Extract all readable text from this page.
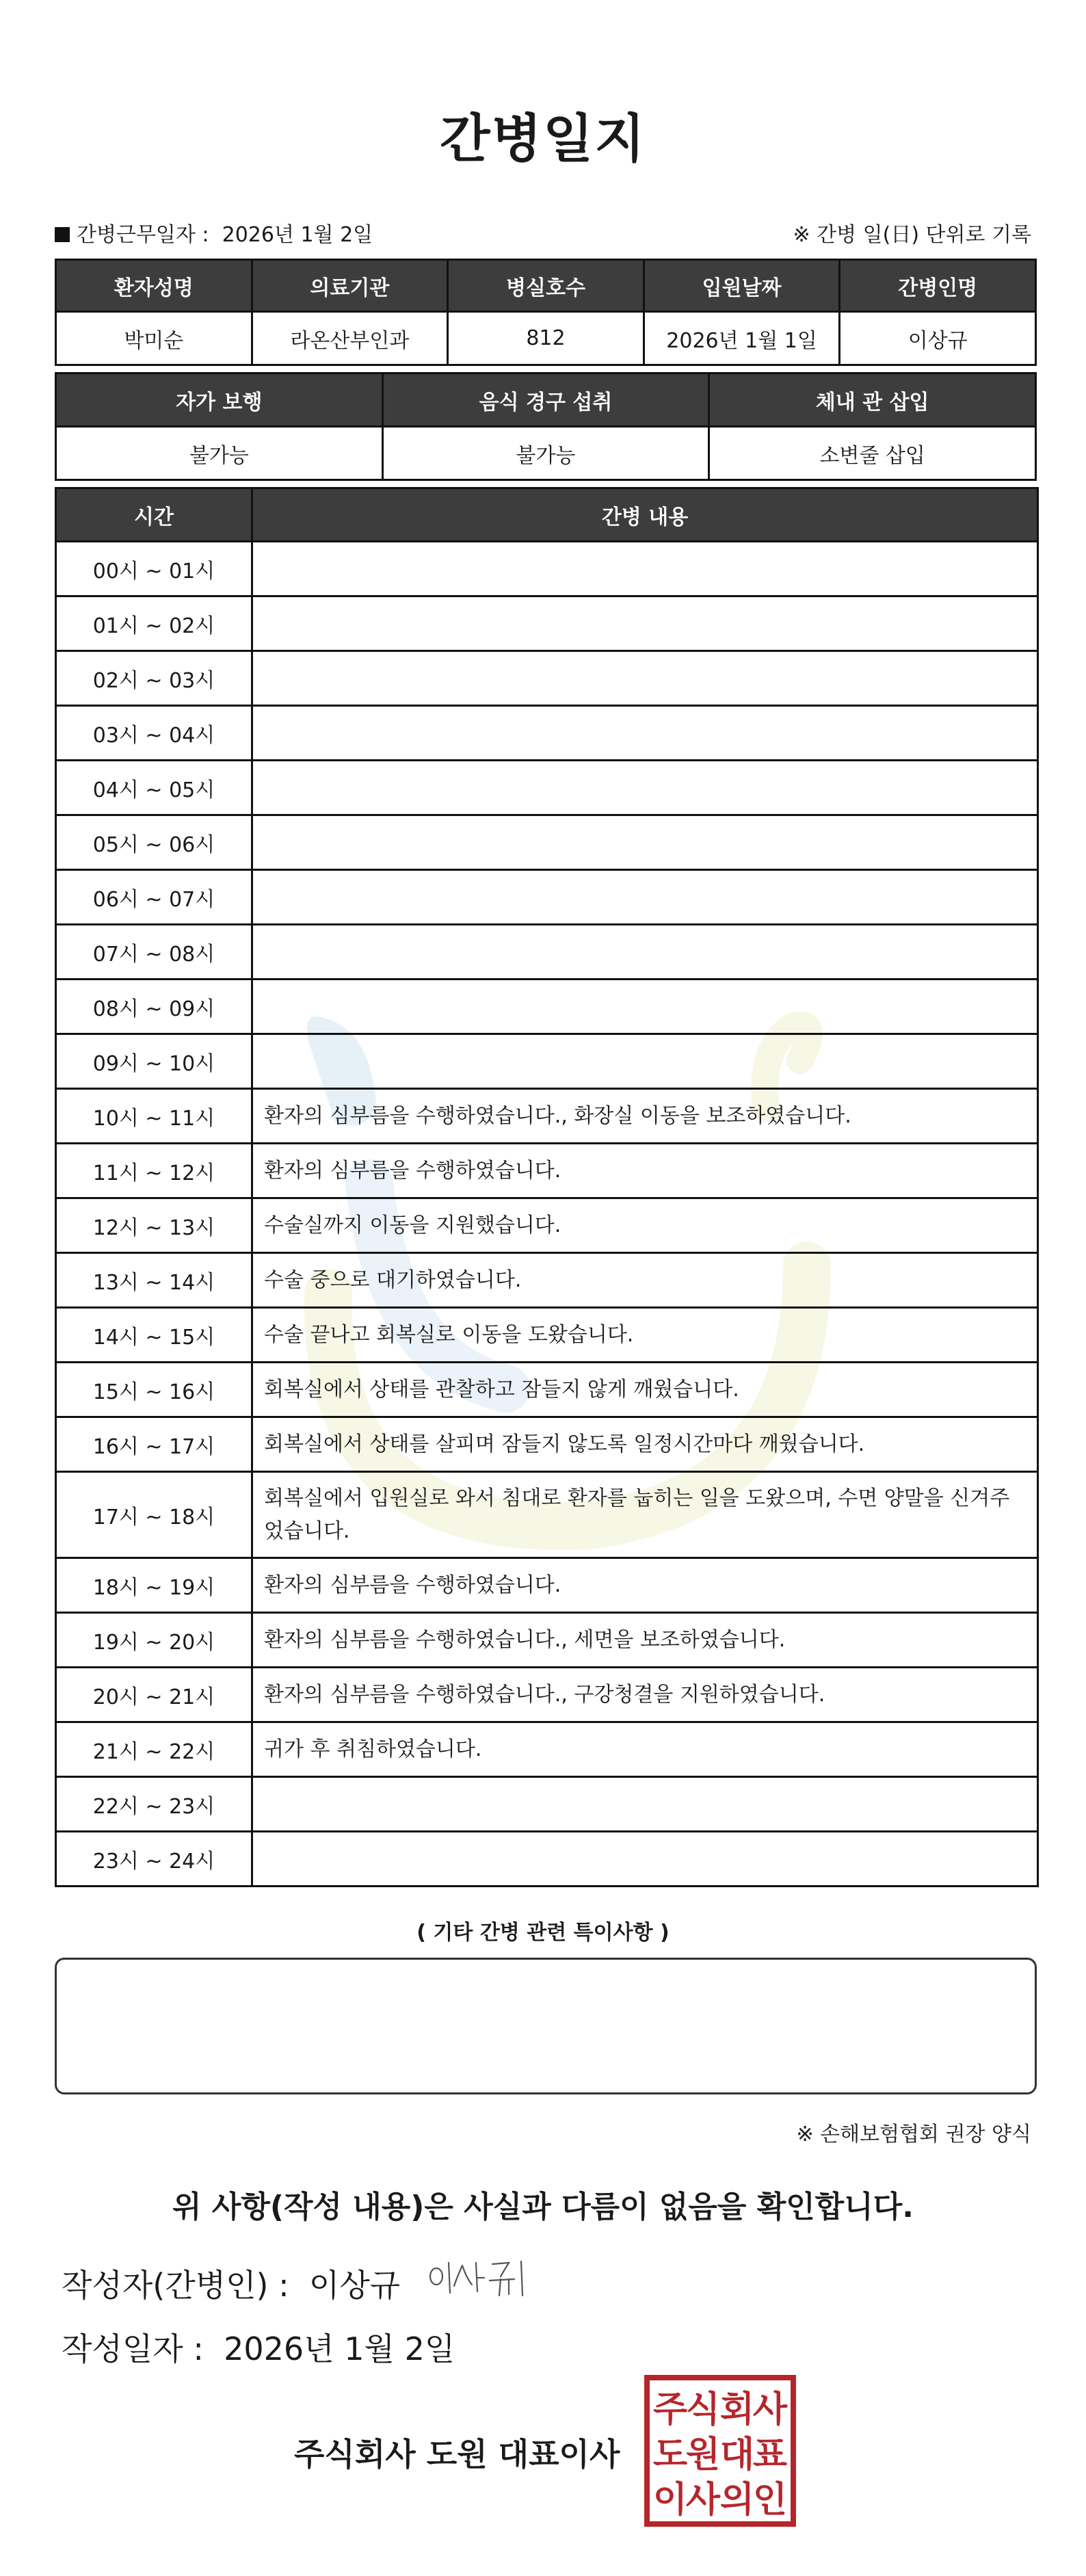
간병일지
간병근무일자 : 2026년 1월 2일	※ 간병 일(日) 단위로 기록
환자성명	의료기관	병실호수	입원날짜	간병인명
박미순	라온산부인과	812	2026년 1월 1일	이상규
자가 보행	음식 경구 섭취	체내 관 삽입
불가능	불가능	소변줄 삽입
시간	간병 내용
00시 ~ 01시	
01시 ~ 02시	
02시 ~ 03시	
03시 ~ 04시	
04시 ~ 05시	
05시 ~ 06시	
06시 ~ 07시	
07시 ~ 08시	
08시 ~ 09시	
09시 ~ 10시	
10시 ~ 11시	환자의 심부름을 수행하였습니다., 화장실 이동을 보조하였습니다.
11시 ~ 12시	환자의 심부름을 수행하였습니다.
12시 ~ 13시	수술실까지 이동을 지원했습니다.
13시 ~ 14시	수술 중으로 대기하였습니다.
14시 ~ 15시	수술 끝나고 회복실로 이동을 도왔습니다.
15시 ~ 16시	회복실에서 상태를 관찰하고 잠들지 않게 깨웠습니다.
16시 ~ 17시	회복실에서 상태를 살피며 잠들지 않도록 일정시간마다 깨웠습니다.
17시 ~ 18시	회복실에서 입원실로 와서 침대로 환자를 눕히는 일을 도왔으며, 수면 양말을 신겨주었습니다.
18시 ~ 19시	환자의 심부름을 수행하였습니다.
19시 ~ 20시	환자의 심부름을 수행하였습니다., 세면을 보조하였습니다.
20시 ~ 21시	환자의 심부름을 수행하였습니다., 구강청결을 지원하였습니다.
21시 ~ 22시	귀가 후 취침하였습니다.
22시 ~ 23시	
23시 ~ 24시	
( 기타 간병 관련 특이사항 )
※ 손해보험협회 권장 양식
위 사항(작성 내용)은 사실과 다름이 없음을 확인합니다.
작성자(간병인) : 이상규
작성일자 : 2026년 1월 2일
주식회사 도원 대표이사
주
식 회
사
도
원 대
표
이
사 의
인
